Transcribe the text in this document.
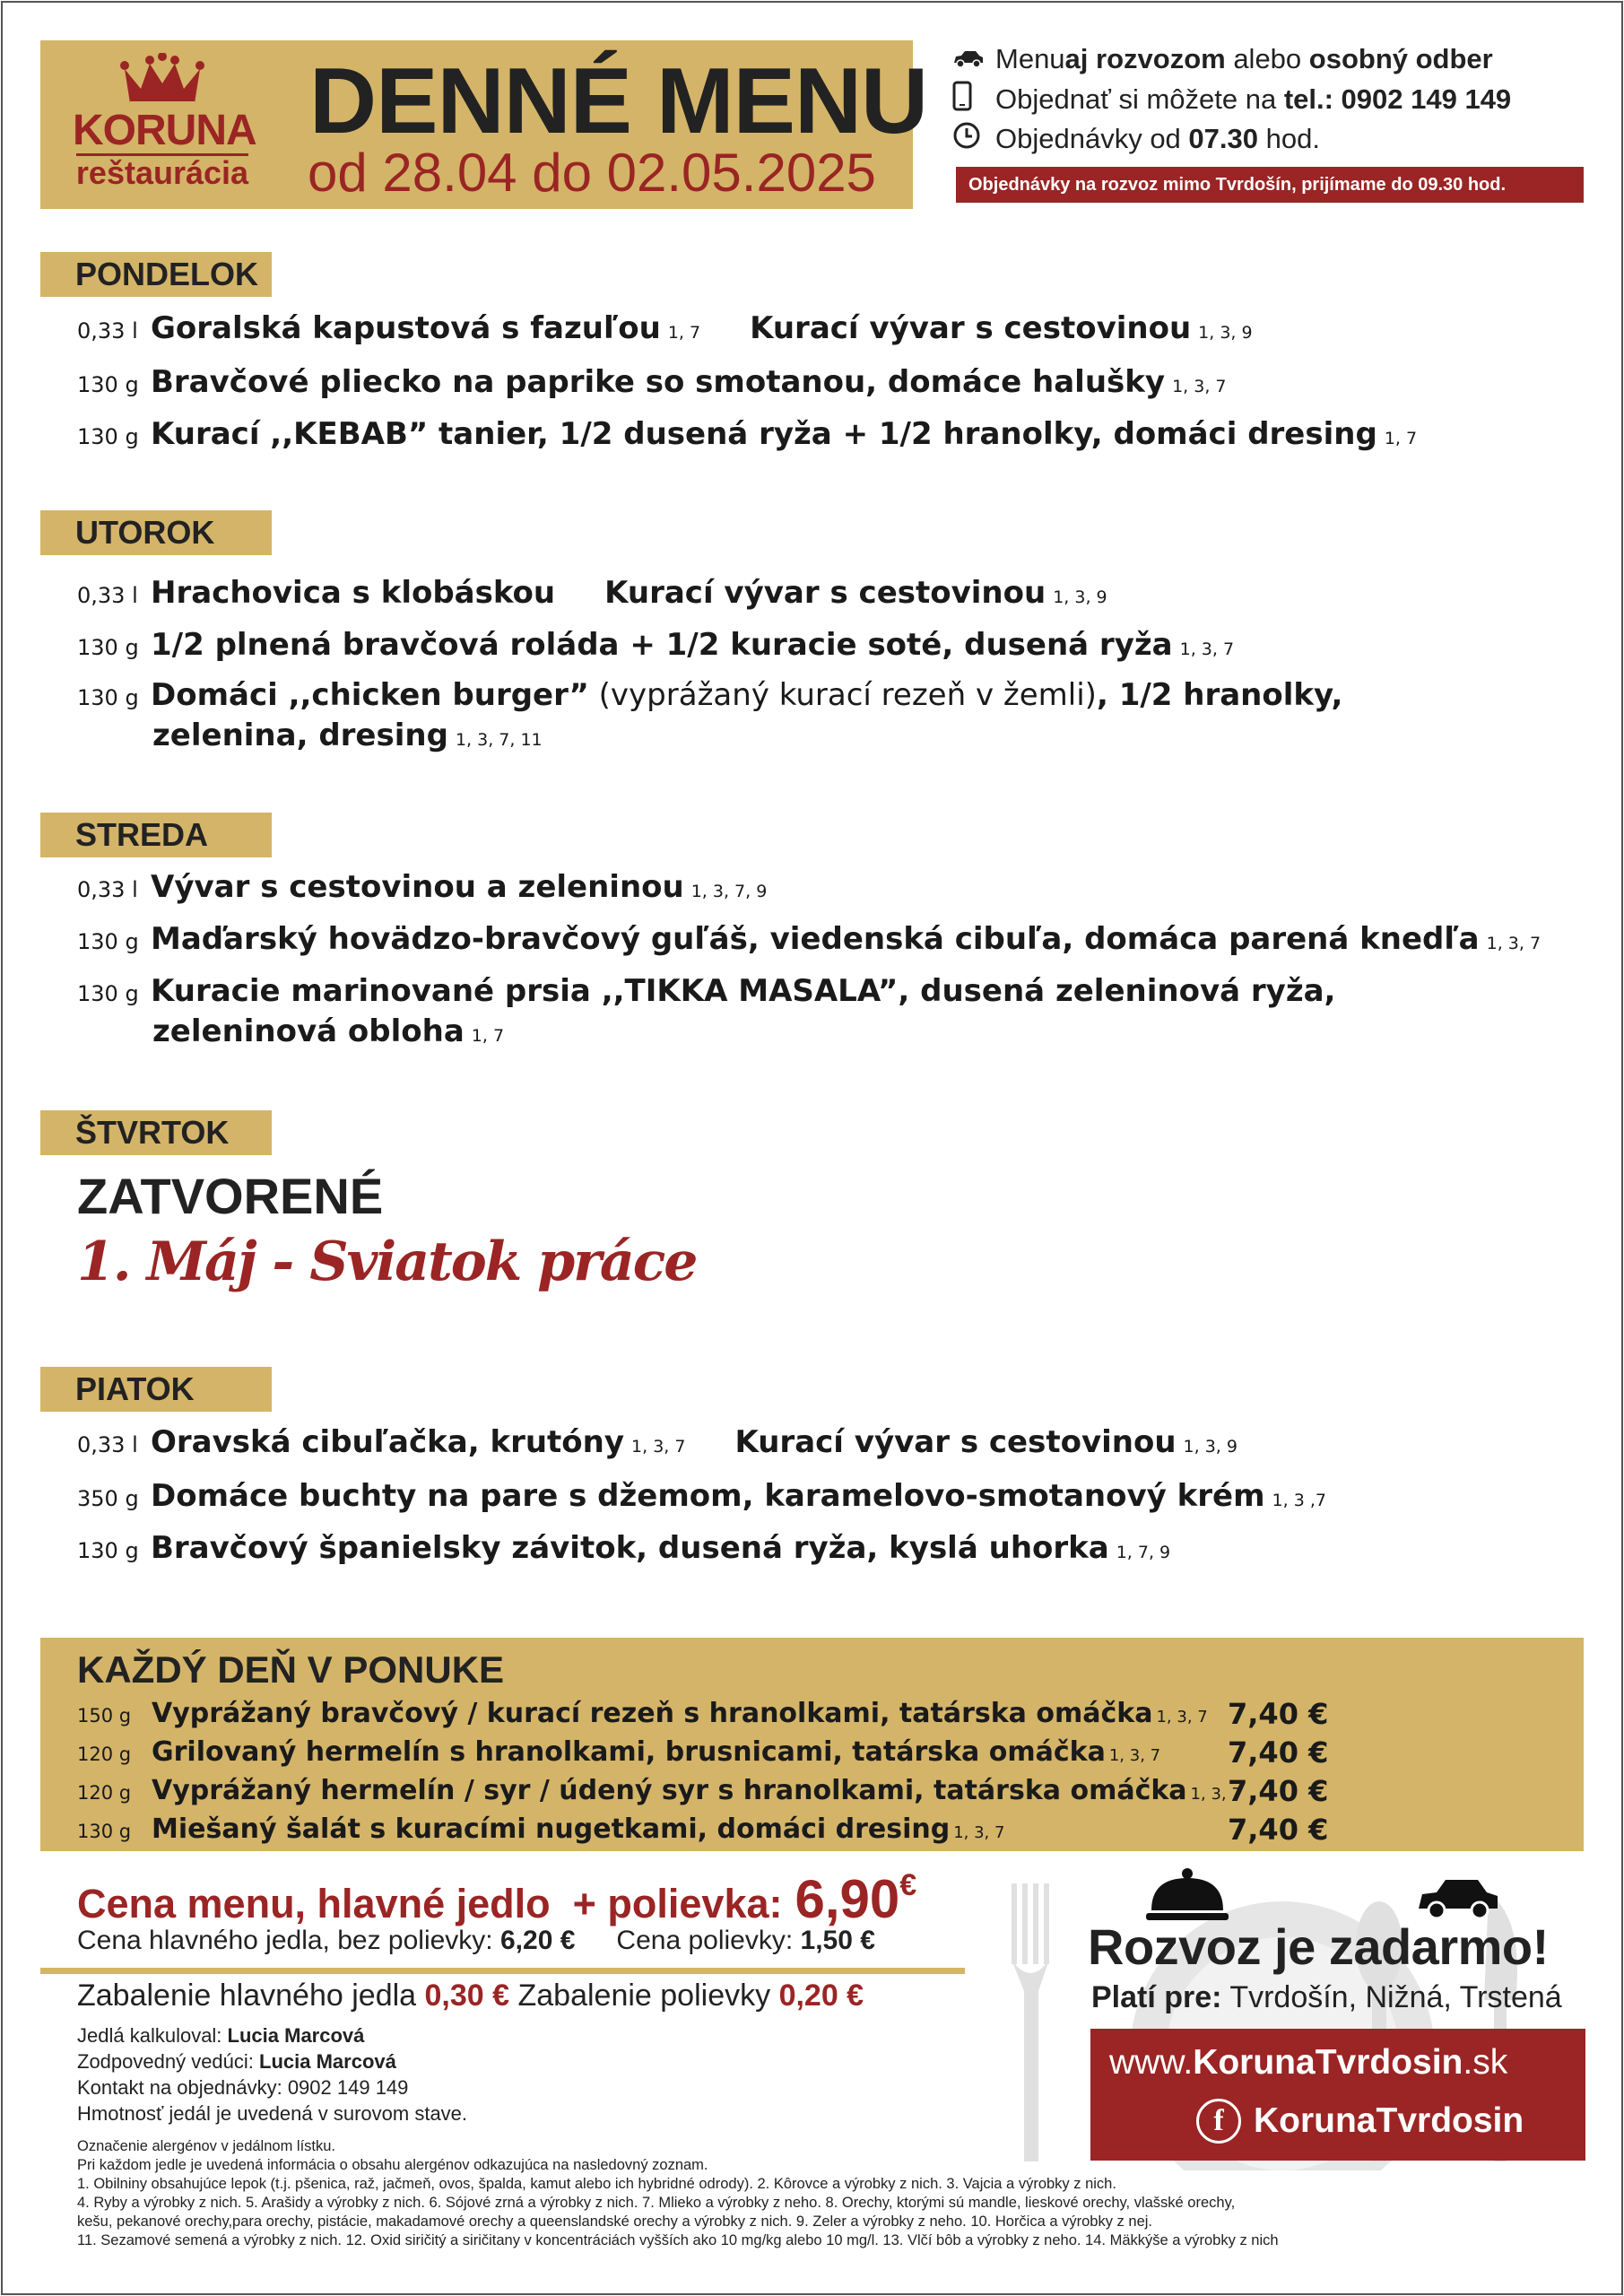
KORUNA
reštaurácia
DENNÉ MENU
od 28.04 do 02.05.2025
Menu aj rozvozom alebo osobný odber
Objednať si môžete na tel.: 0902 149 149
Objednávky od 07.30 hod.
Objednávky na rozvoz mimo Tvrdošín, prijímame do 09.30 hod.
PONDELOK
0,33 l Goralská kapustová s fazuľou 1, 7 Kurací vývar s cestovinou 1, 3, 9
130 g Bravčové pliecko na paprike so smotanou, domáce halušky 1, 3, 7
130 g Kurací ,,KEBAB” tanier, 1/2 dusená ryža + 1/2 hranolky, domáci dresing 1, 7
UTOROK
0,33 l Hrachovica s klobáskou Kurací vývar s cestovinou 1, 3, 9
130 g 1/2 plnená bravčová roláda + 1/2 kuracie soté, dusená ryža 1, 3, 7
130 g Domáci ,,chicken burger” (vyprážaný kurací rezeň v žemli), 1/2 hranolky,
zelenina, dresing 1, 3, 7, 11
STREDA
0,33 l Vývar s cestovinou a zeleninou 1, 3, 7, 9
130 g Maďarský hovädzo-bravčový guľáš, viedenská cibuľa, domáca parená knedľa 1, 3, 7
130 g Kuracie marinované prsia ,,TIKKA MASALA”, dusená zeleninová ryža,
zeleninová obloha 1, 7
ŠTVRTOK
ZATVORENÉ
1. Máj - Sviatok práce
PIATOK
0,33 l Oravská cibuľačka, krutóny 1, 3, 7 Kurací vývar s cestovinou 1, 3, 9
350 g Domáce buchty na pare s džemom, karamelovo-smotanový krém 1, 3 ,7
130 g Bravčový španielsky závitok, dusená ryža, kyslá uhorka 1, 7, 9
KAŽDÝ DEŇ V PONUKE
150 g Vyprážaný bravčový / kurací rezeň s hranolkami, tatárska omáčka 1, 3, 7 7,40 €
120 g Grilovaný hermelín s hranolkami, brusnicami, tatárska omáčka 1, 3, 7 7,40 €
120 g Vyprážaný hermelín / syr / údený syr s hranolkami, tatárska omáčka 1, 3, 7
7,40 €
130 g Miešaný šalát s kuracími nugetkami, domáci dresing 1, 3, 7	7,40 €
Cena menu, hlavné jedlo  + polievka: 6,90€
Cena hlavného jedla, bez polievky: 6,20 € Cena polievky: 1,50 €
Zabalenie hlavného jedla 0,30 € Zabalenie polievky 0,20 €
Jedlá kalkuloval: Lucia Marcová
Zodpovedný vedúci: Lucia Marcová
Kontakt na objednávky: 0902 149 149
Hmotnosť jedál je uvedená v surovom stave.
Označenie alergénov v jedálnom lístku.
Pri každom jedle je uvedená informácia o obsahu alergénov odkazujúca na nasledovný zoznam.
1. Obilniny obsahujúce lepok (t.j. pšenica, raž, jačmeň, ovos, špalda, kamut alebo ich hybridné odrody). 2. Kôrovce a výrobky z nich. 3. Vajcia a výrobky z nich.
4. Ryby a výrobky z nich. 5. Arašidy a výrobky z nich. 6. Sójové zrná a výrobky z nich. 7. Mlieko a výrobky z neho. 8. Orechy, ktorými sú mandle, lieskové orechy, vlašské orechy,
kešu, pekanové orechy,para orechy, pistácie, makadamové orechy a queenslandské orechy a výrobky z nich. 9. Zeler a výrobky z neho. 10. Horčica a výrobky z nej.
11. Sezamové semená a výrobky z nich. 12. Oxid siričitý a siričitany v koncentráciách vyšších ako 10 mg/kg alebo 10 mg/l. 13. Vlčí bôb a výrobky z neho. 14. Mäkkýše a výrobky z nich
Rozvoz je zadarmo!
Platí pre: Tvrdošín, Nižná, Trstená
www.KorunaTvrdosin.sk
f KorunaTvrdosin
